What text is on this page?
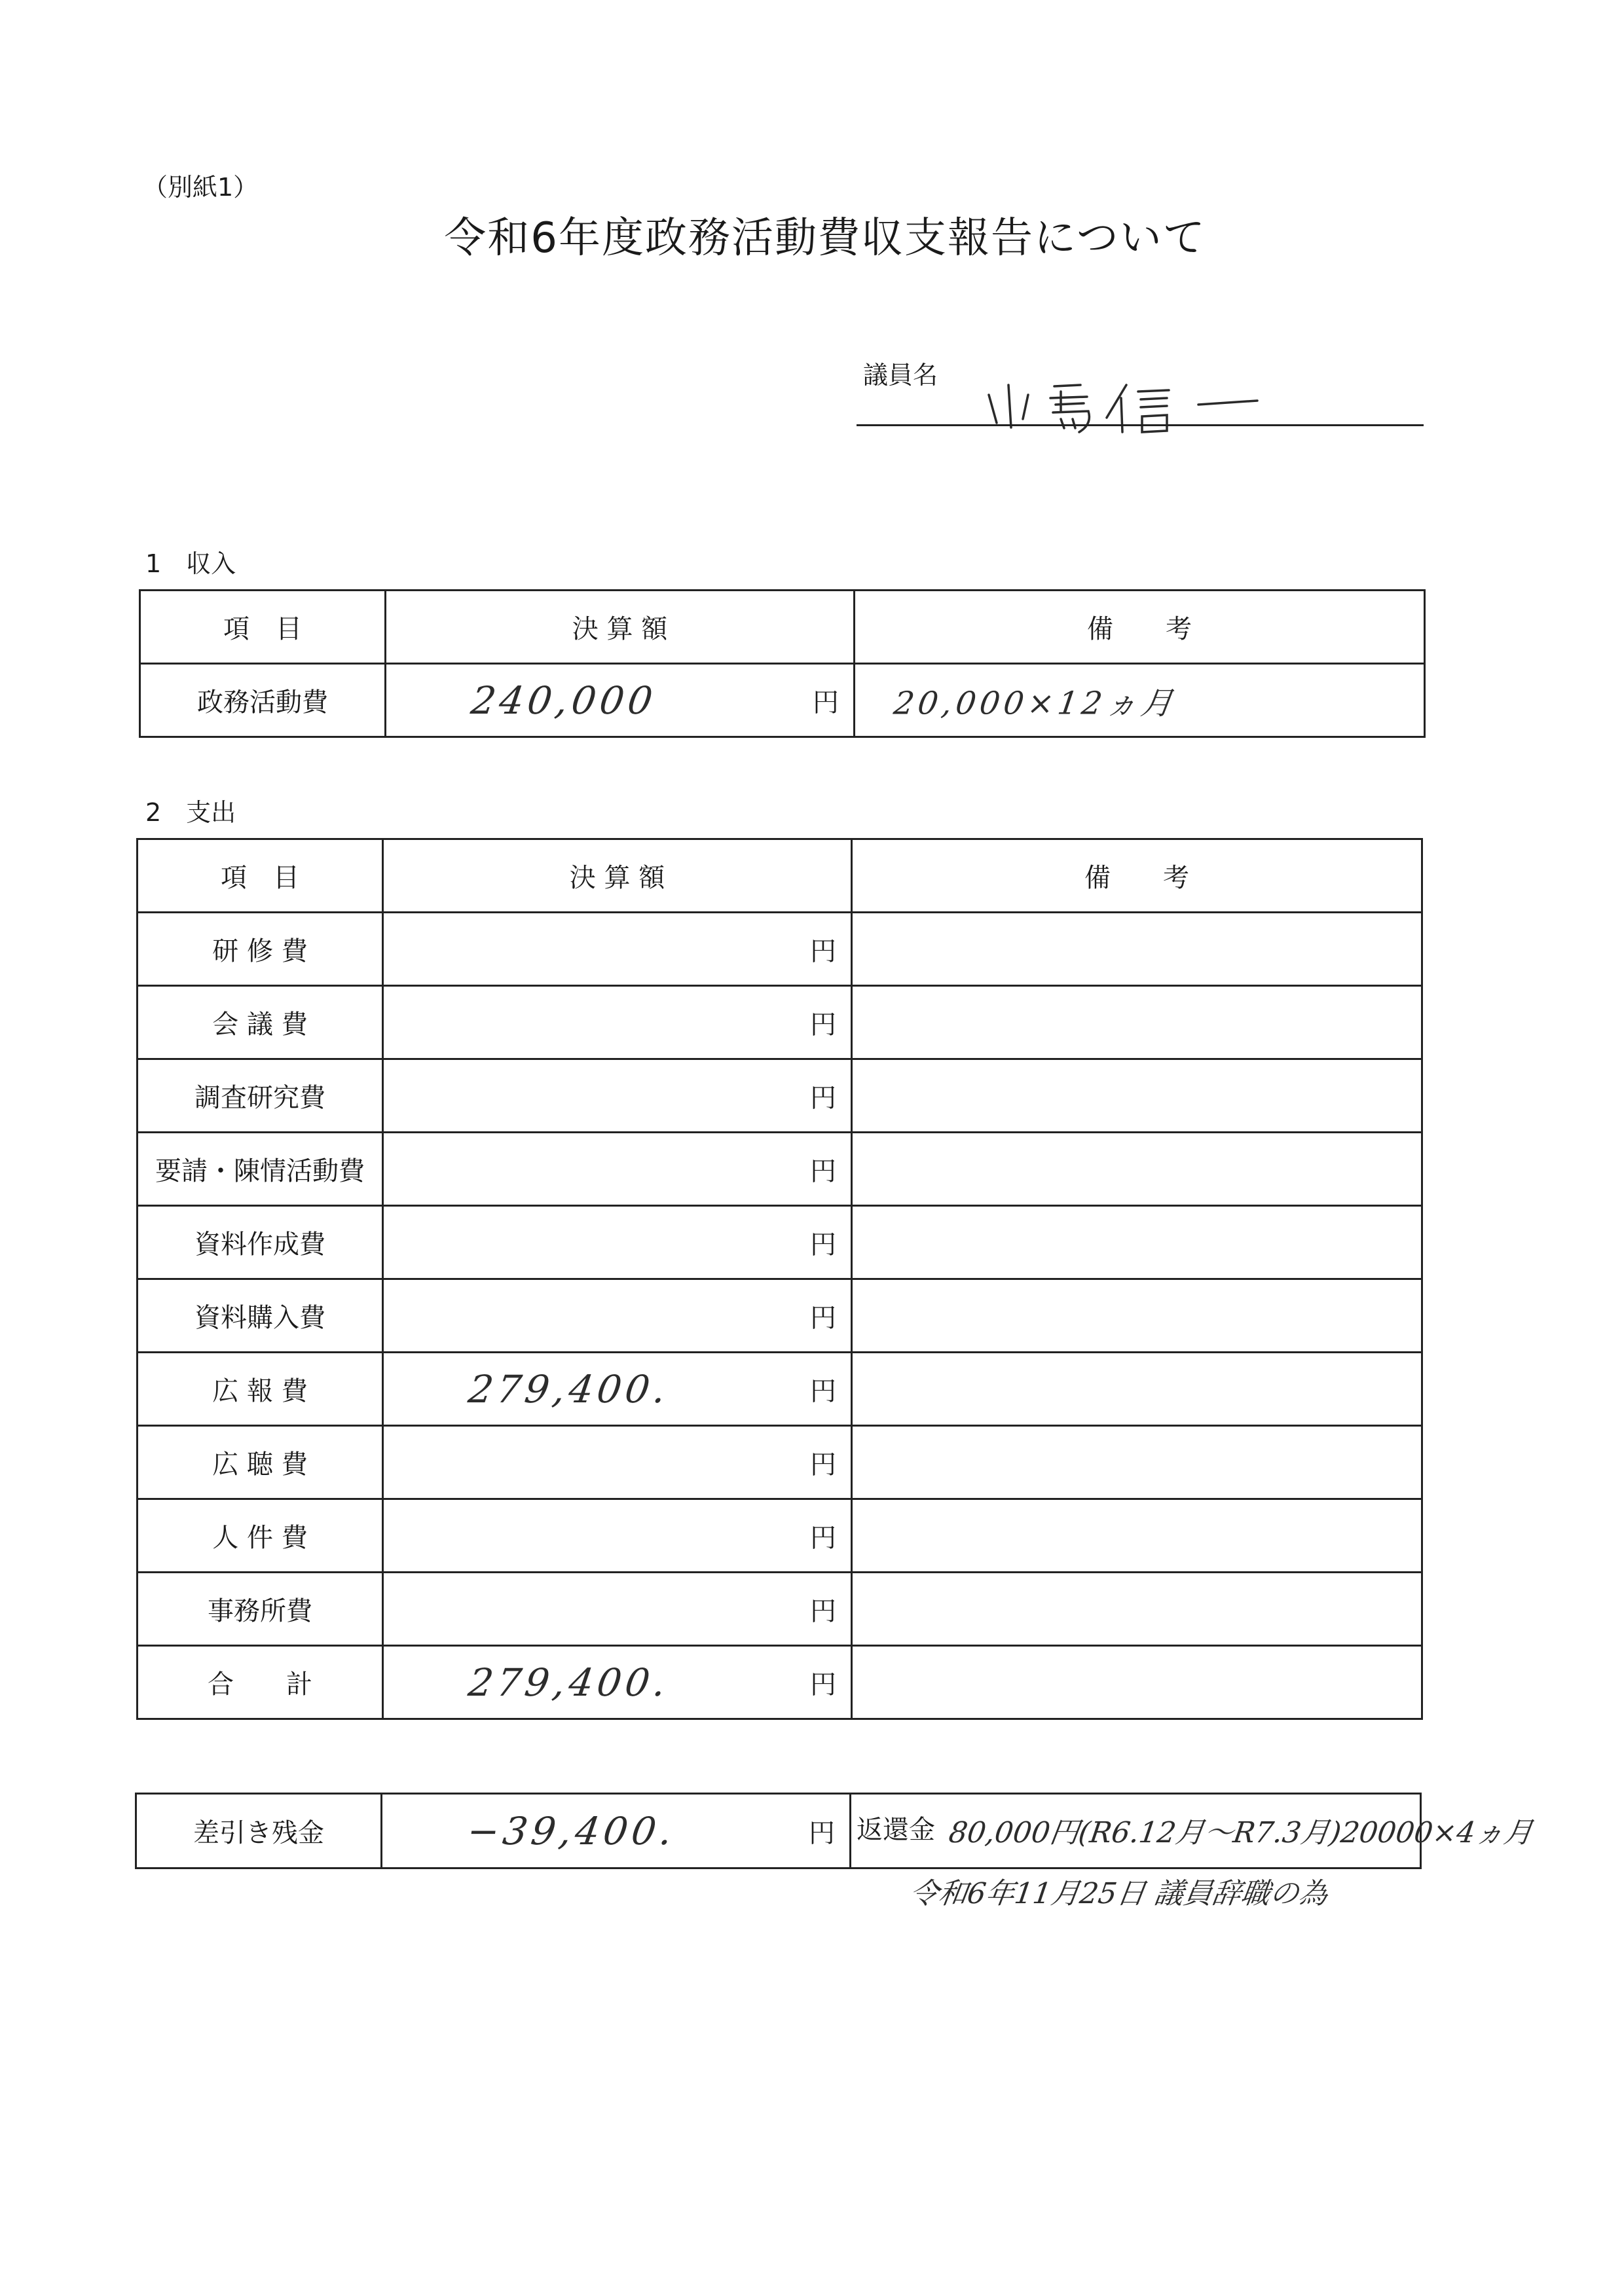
（別紙1）
令和6年度政務活動費収支報告について
議員名
1　収入
項　目	決 算 額	備　　考
政務活動費	240,000 円	20,000×12ヵ月
2　支出
項　目	決 算 額	備　　考
研 修 費	円	

会 議 費	円	

調査研究費	円	

要請・陳情活動費	円	

資料作成費	円	

資料購入費	円	

広 報 費	279,400. 円	

広 聴 費	円	

人 件 費	円	

事務所費	円	

合　　計	279,400. 円	

差引き残金	−39,400.	円	返還金 80,000円(R6.12月〜R7.3月)20000×4ヵ月
令和6年11月25日 議員辞職の為
